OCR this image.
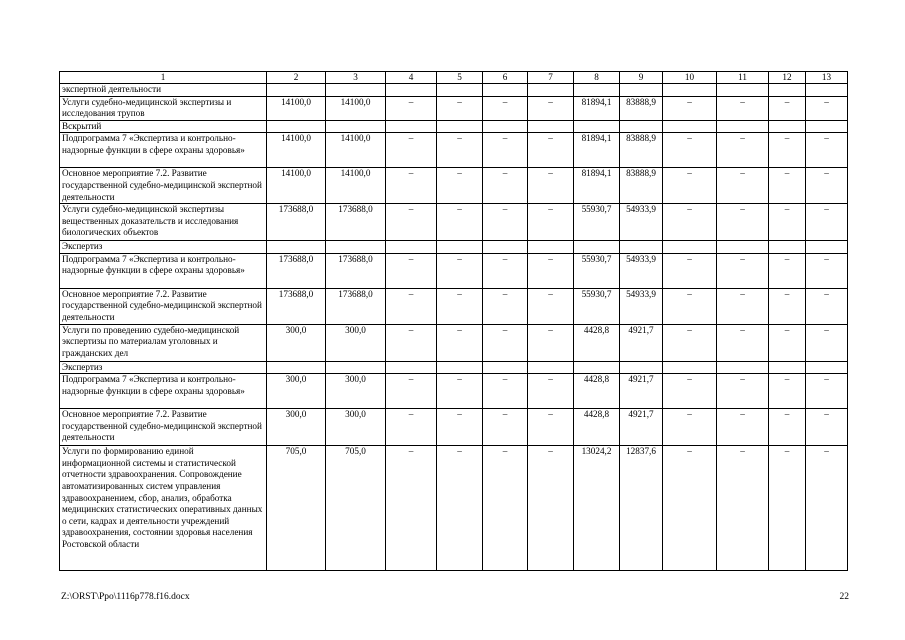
1	2	3	4	5	6	7	8	9	10	11	12	13
экспертной деятельности												
Услуги судебно-медицинской экспертизы и исследования трупов	14100,0	14100,0	–	–	–	–	81894,1	83888,9	–	–	–	–
Вскрытий												
Подпрограмма 7 «Экспертиза и контрольно-надзорные функции в сфере охраны здоровья»	14100,0	14100,0	–	–	–	–	81894,1	83888,9	–	–	–	–
Основное мероприятие 7.2. Развитие государственной судебно-медицинской экспертной деятельности	14100,0	14100,0	–	–	–	–	81894,1	83888,9	–	–	–	–
Услуги судебно-медицинской экспертизы вещественных доказательств и исследования биологических объектов	173688,0	173688,0	–	–	–	–	55930,7	54933,9	–	–	–	–
Экспертиз												
Подпрограмма 7 «Экспертиза и контрольно-надзорные функции в сфере охраны здоровья»	173688,0	173688,0	–	–	–	–	55930,7	54933,9	–	–	–	–
Основное мероприятие 7.2. Развитие государственной судебно-медицинской экспертной деятельности	173688,0	173688,0	–	–	–	–	55930,7	54933,9	–	–	–	–
Услуги по проведению судебно-медицинской экспертизы по материалам уголовных и гражданских дел	300,0	300,0	–	–	–	–	4428,8	4921,7	–	–	–	–
Экспертиз												
Подпрограмма 7 «Экспертиза и контрольно-надзорные функции в сфере охраны здоровья»	300,0	300,0	–	–	–	–	4428,8	4921,7	–	–	–	–
Основное мероприятие 7.2. Развитие государственной судебно-медицинской экспертной деятельности	300,0	300,0	–	–	–	–	4428,8	4921,7	–	–	–	–
Услуги по формированию единой информационной системы и статистической отчетности здравоохранения. Сопровождение автоматизированных систем управления здравоохранением, сбор, анализ, обработка медицинских статистических оперативных данных о сети, кадрах и деятельности учреждений здравоохранения, состоянии здоровья населения Ростовской области	705,0	705,0	–	–	–	–	13024,2	12837,6	–	–	–	–
Z:\ORST\Ppo\1116p778.f16.docx	22
